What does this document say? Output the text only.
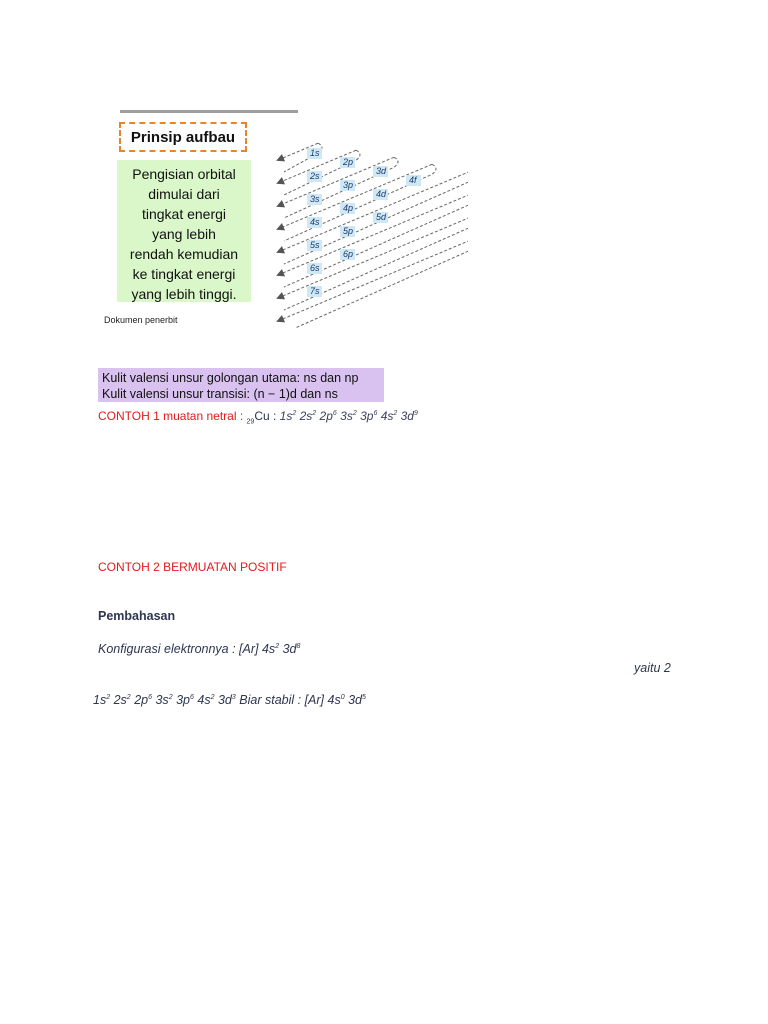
Prinsip aufbau
Pengisian orbital
dimulai dari
tingkat energi
yang lebih
rendah kemudian
ke tingkat energi
yang lebih tinggi.
1s
2s
2p
3s
3p
3d
4s
4p
4d
4f
5s
5p
5d
6s
6p
7s
Dokumen penerbit
Kulit valensi unsur golongan utama: ns dan np
Kulit valensi unsur transisi: (n − 1)d dan ns
CONTOH 1 muatan netral : $_{29}$Cu : $1s^2$ $2s^2$ $2p^6$ $3s^2$ $3p^6$ $4s^2$ $3d^9$
CONTOH 2 BERMUATAN POSITIF
Pembahasan
Konfigurasi elektronnya : [Ar] $4s^2$ $3d^8$
yaitu 2
$1s^2$ $2s^2$ $2p^6$ $3s^2$ $3p^6$ $4s^2$ $3d^3$ Biar stabil : [Ar] $4s^0$ $3d^5$
